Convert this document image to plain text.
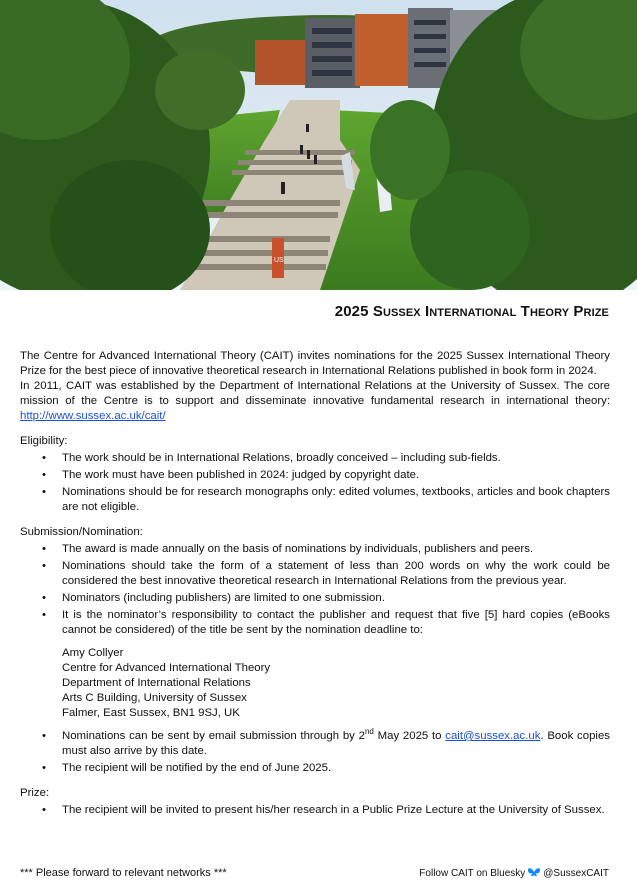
US
2025 Sussex International Theory Prize

The Centre for Advanced International Theory (CAIT) invites nominations for the 2025 Sussex International Theory Prize for the best piece of innovative theoretical research in International Relations published in book form in 2024.

In 2011, CAIT was established by the Department of International Relations at the University of Sussex. The core mission of the Centre is to support and disseminate innovative fundamental research in international theory: http://www.sussex.ac.uk/cait/

Eligibility:
• The work should be in International Relations, broadly conceived – including sub-fields.
• The work must have been published in 2024: judged by copyright date.
• Nominations should be for research monographs only: edited volumes, textbooks, articles and book chapters are not eligible.
Submission/Nomination:
• The award is made annually on the basis of nominations by individuals, publishers and peers.
• Nominations should take the form of a statement of less than 200 words on why the work could be considered the best innovative theoretical research in International Relations from the previous year.
• Nominators (including publishers) are limited to one submission.
• It is the nominator’s responsibility to contact the publisher and request that five [5] hard copies (eBooks cannot be considered) of the title be sent by the nomination deadline to:
Amy Collyer
Centre for Advanced International Theory
Department of International Relations
Arts C Building, University of Sussex
Falmer, East Sussex, BN1 9SJ, UK
• Nominations can be sent by email submission through by 2nd May 2025 to cait@sussex.ac.uk. Book copies must also arrive by this date.
• The recipient will be notified by the end of June 2025.
Prize:
• The recipient will be invited to present his/her research in a Public Prize Lecture at the University of Sussex.
*** Please forward to relevant networks ***	Follow CAIT on Bluesky @SussexCAIT
